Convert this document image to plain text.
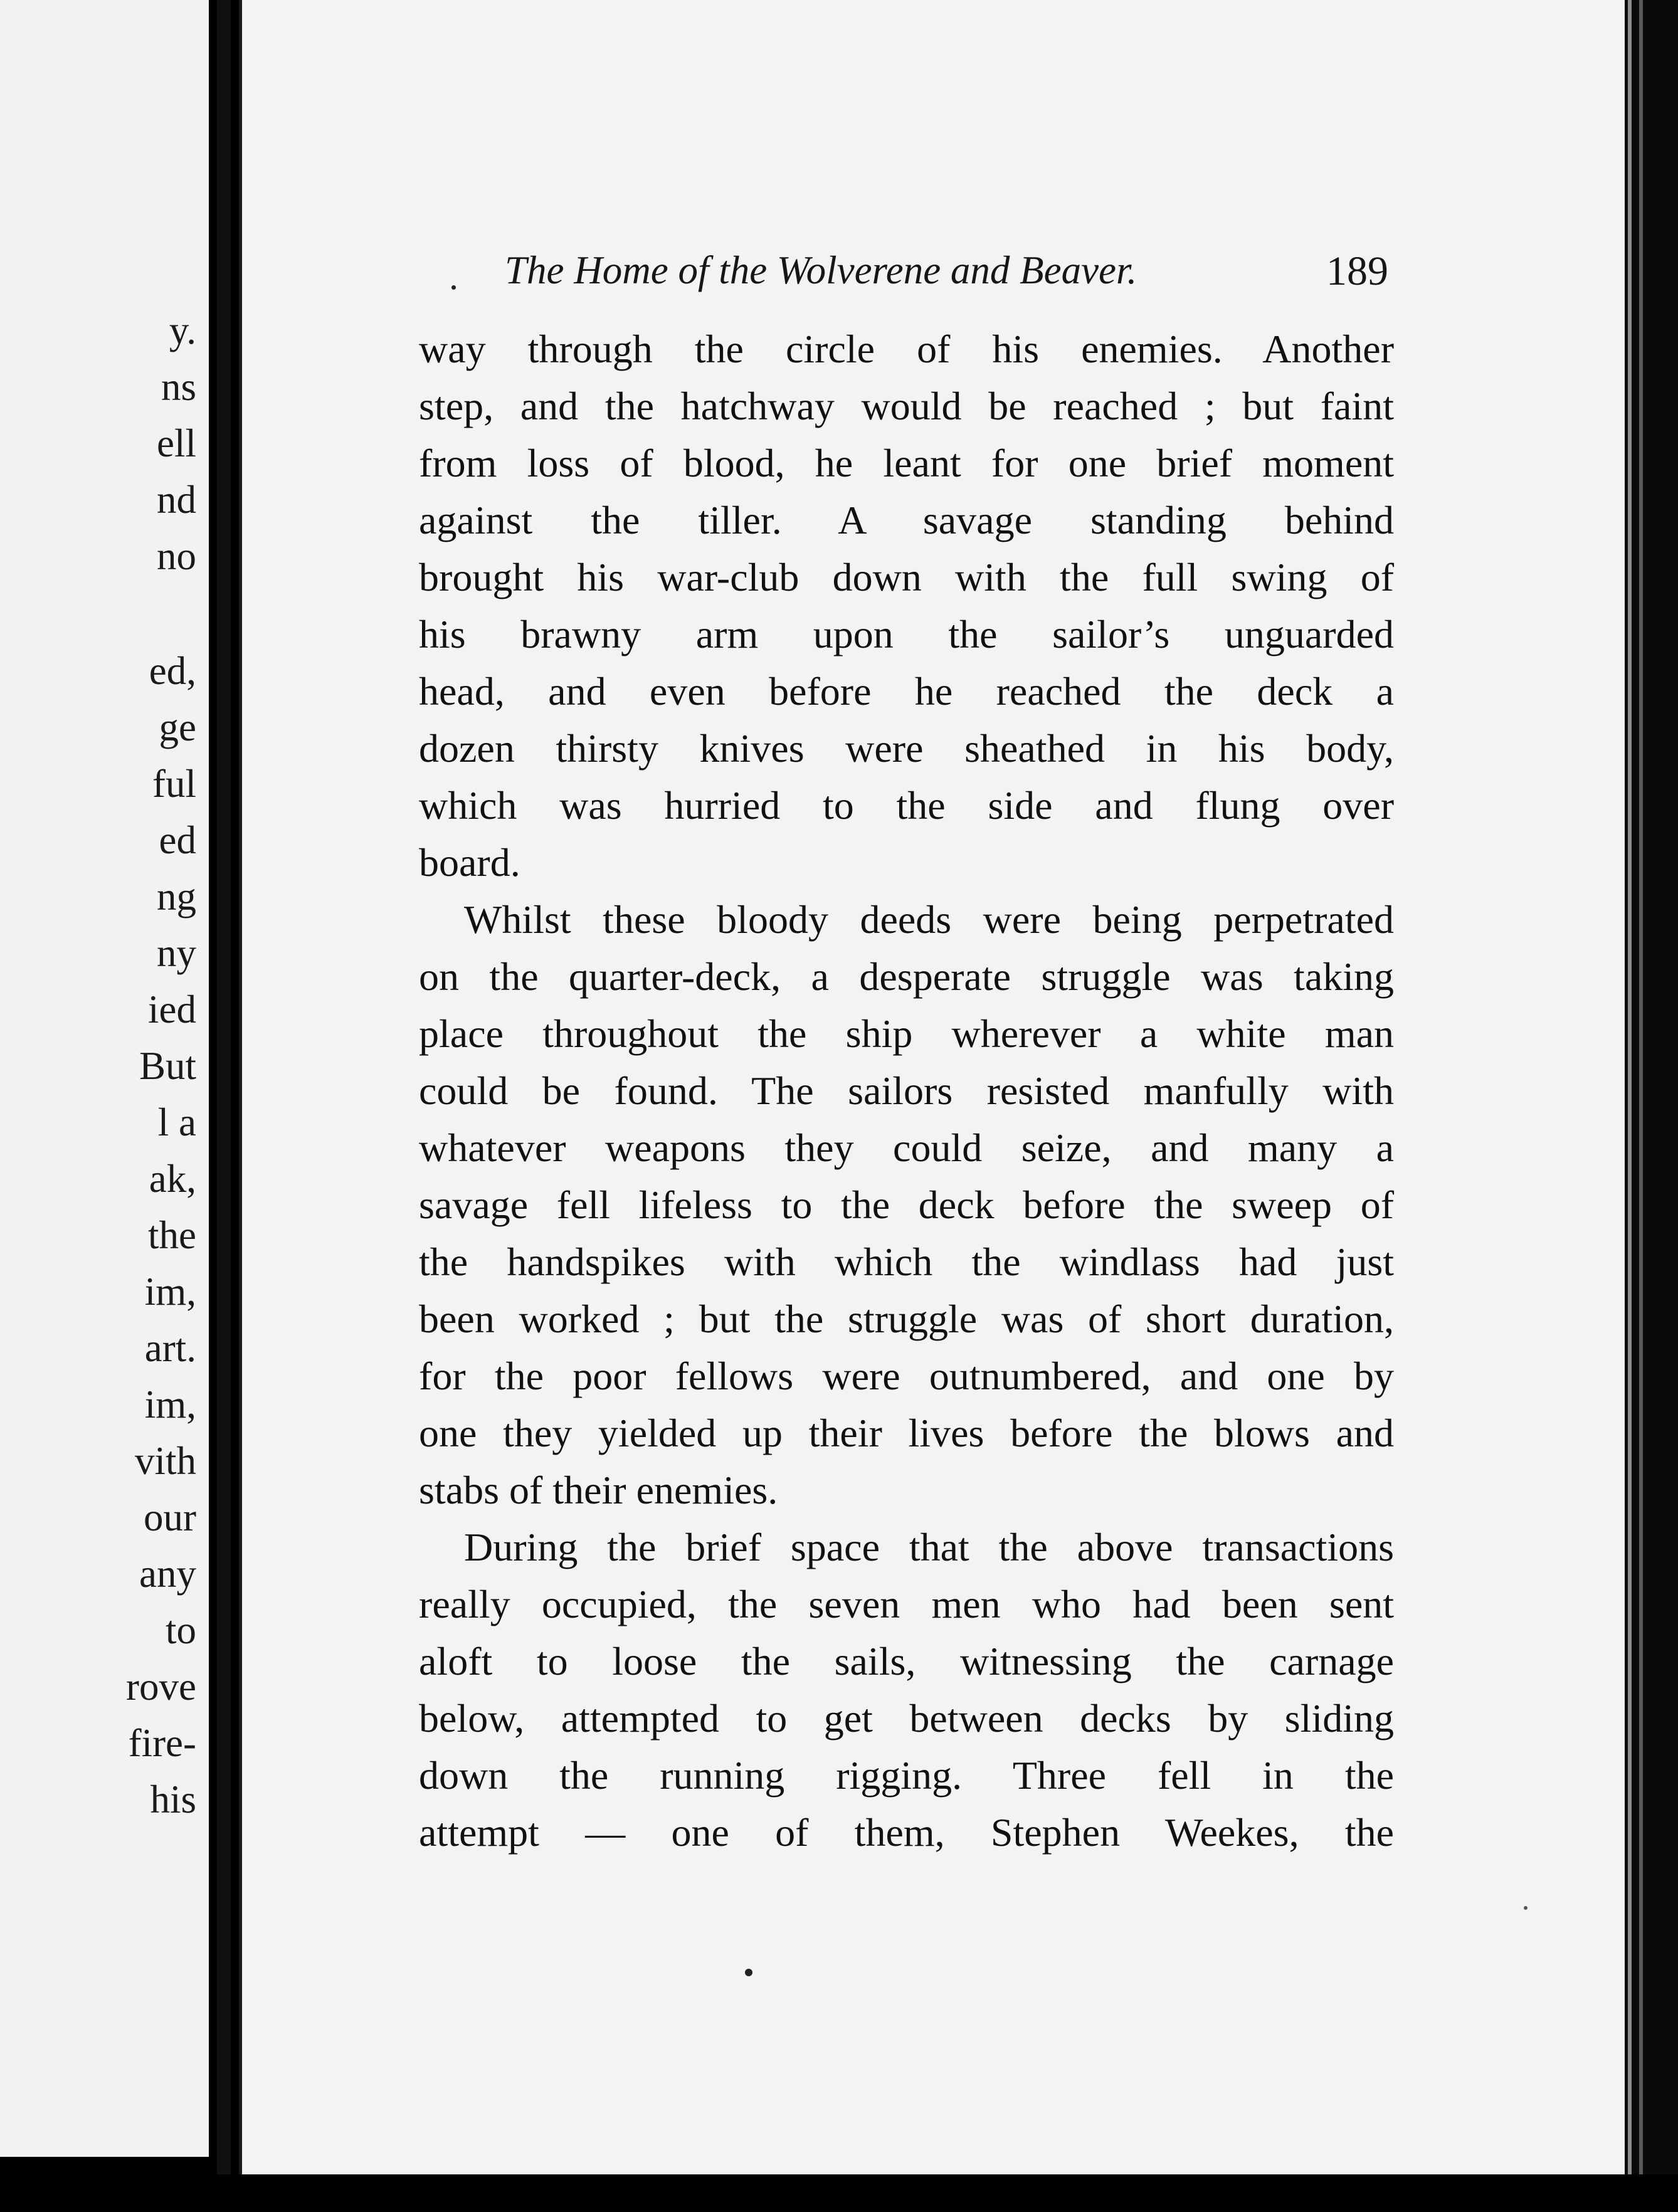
y.
ns
ell
nd
no
ed,
ge
ful
ed
ng
ny
ied
But
l a
ak,
the
im,
art.
im,
vith
our
any
to
rove
fire-
his
The Home of the Wolverene and Beaver.	189
way through the circle of his enemies. Another
step, and the hatchway would be reached ; but faint
from loss of blood, he leant for one brief moment
against the tiller. A savage standing behind
brought his war-club down with the full swing of
his brawny arm upon the sailor’s unguarded
head, and even before he reached the deck a
dozen thirsty knives were sheathed in his body,
which was hurried to the side and flung over
board.
Whilst these bloody deeds were being perpetrated
on the quarter-deck, a desperate struggle was taking
place throughout the ship wherever a white man
could be found. The sailors resisted manfully with
whatever weapons they could seize, and many a
savage fell lifeless to the deck before the sweep of
the handspikes with which the windlass had just
been worked ; but the struggle was of short duration,
for the poor fellows were outnumbered, and one by
one they yielded up their lives before the blows and
stabs of their enemies.
During the brief space that the above transactions
really occupied, the seven men who had been sent
aloft to loose the sails, witnessing the carnage
below, attempted to get between decks by sliding
down the running rigging. Three fell in the
attempt — one of them, Stephen Weekes, the
